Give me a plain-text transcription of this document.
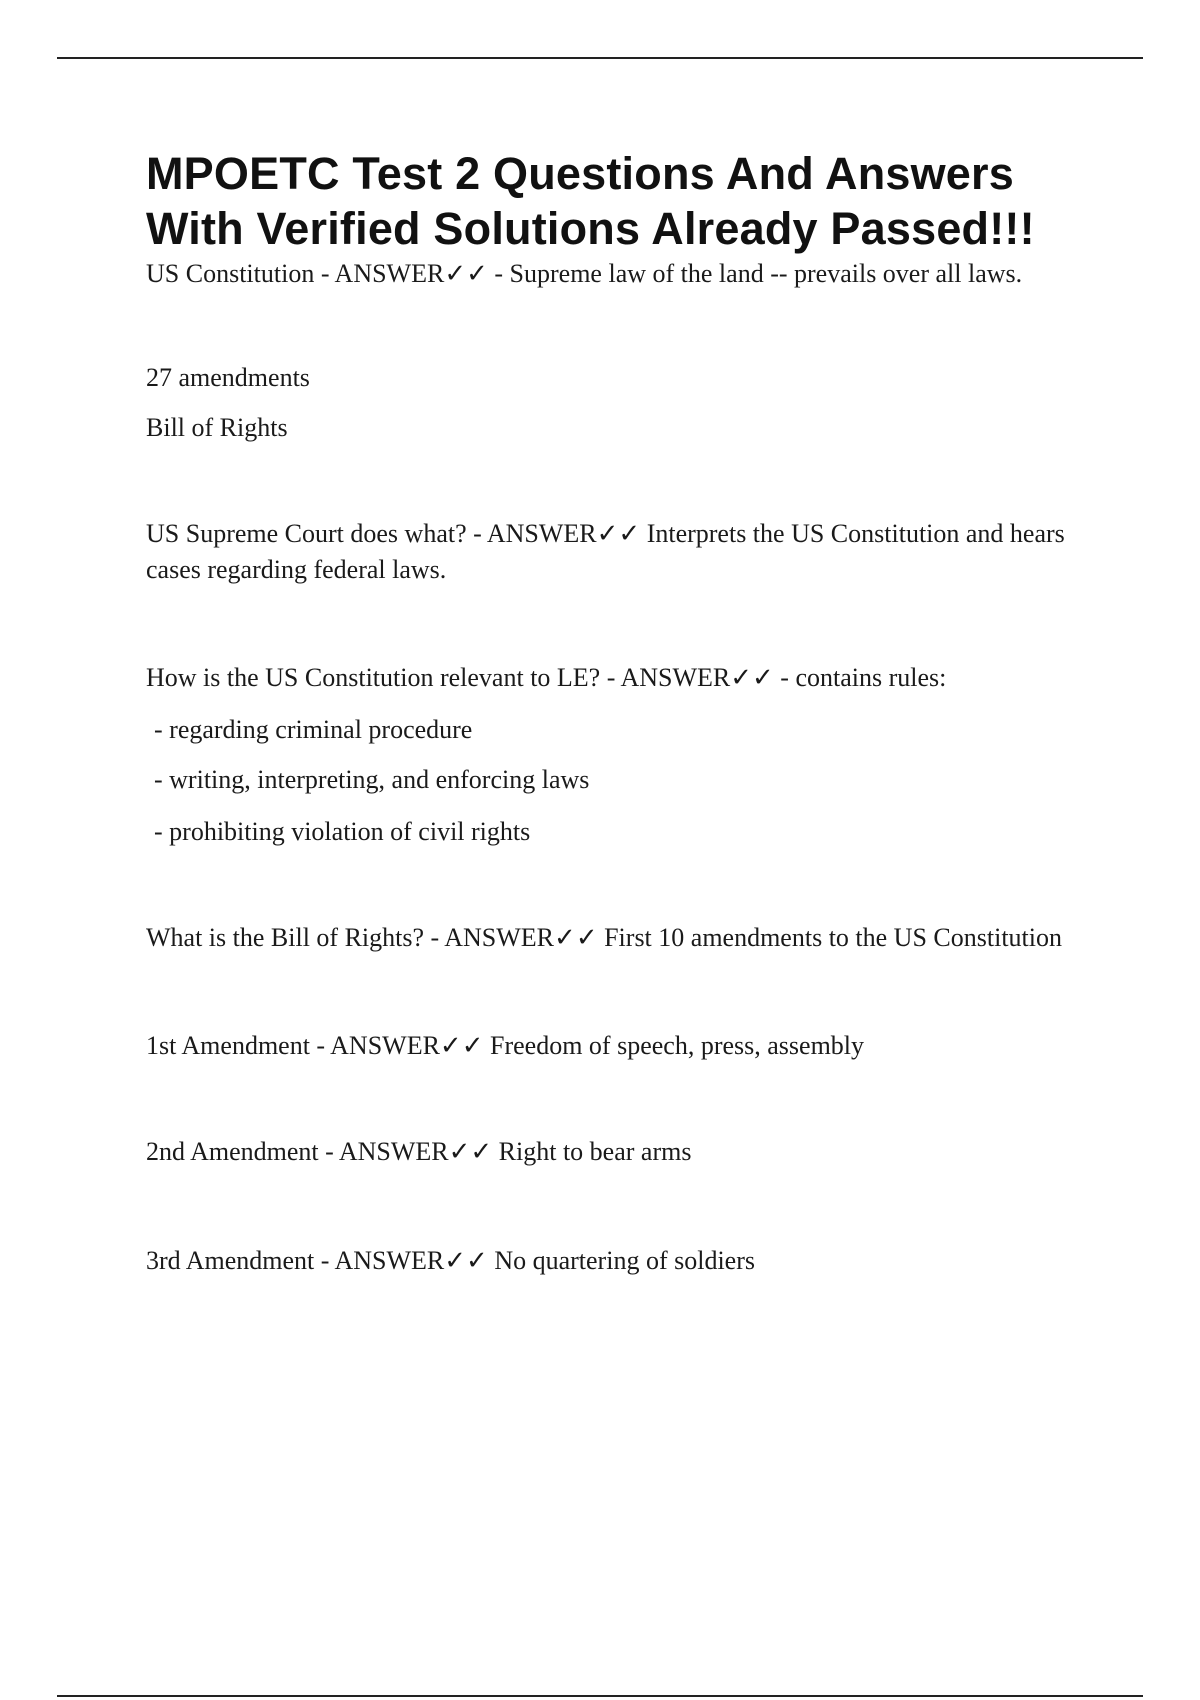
MPOETC Test 2 Questions And Answers With Verified Solutions Already Passed!!!

US Constitution - ANSWER✓✓ - Supreme law of the land -- prevails over all laws.

27 amendments

Bill of Rights

US Supreme Court does what? - ANSWER✓✓ Interprets the US Constitution and hears cases regarding federal laws.

How is the US Constitution relevant to LE? - ANSWER✓✓ - contains rules:

- regarding criminal procedure

- writing, interpreting, and enforcing laws

- prohibiting violation of civil rights

What is the Bill of Rights? - ANSWER✓✓ First 10 amendments to the US Constitution

1st Amendment - ANSWER✓✓ Freedom of speech, press, assembly

2nd Amendment - ANSWER✓✓ Right to bear arms

3rd Amendment - ANSWER✓✓ No quartering of soldiers
